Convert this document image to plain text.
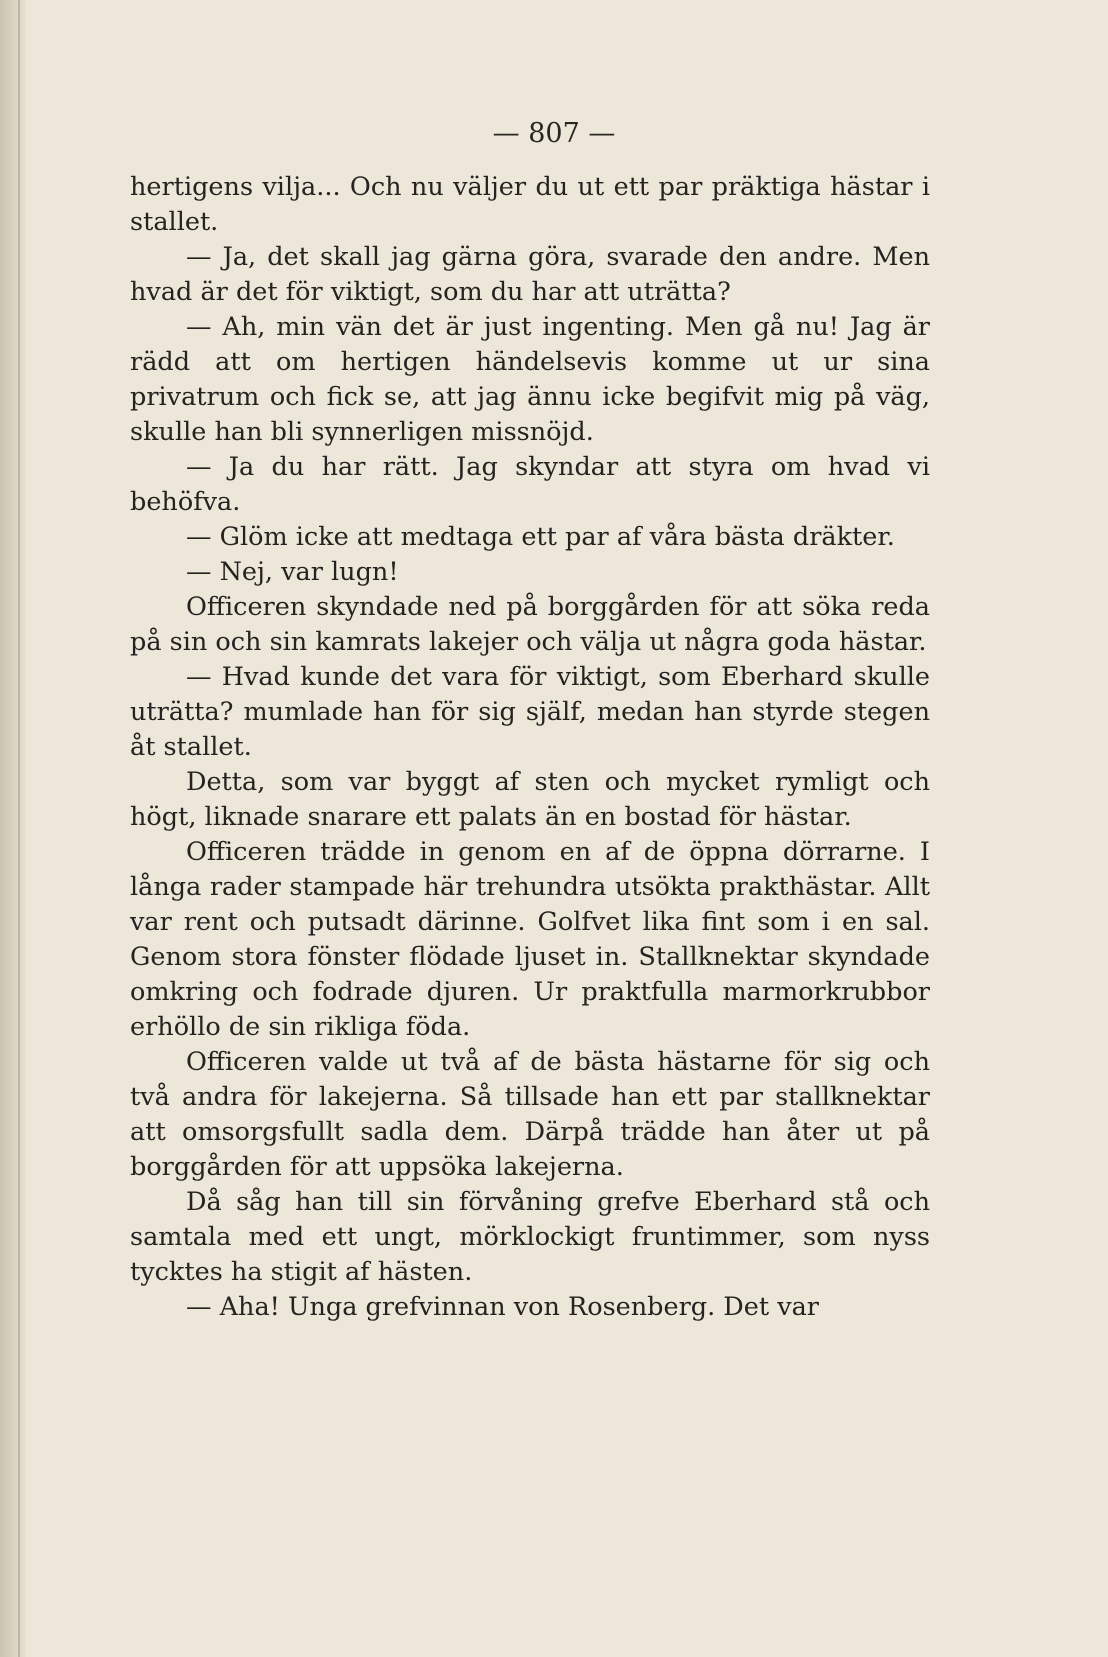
— 807 —

hertigens vilja... Och nu väljer du ut ett par präktiga hästar i stallet.

— Ja, det skall jag gärna göra, svarade den andre. Men hvad är det för viktigt, som du har att uträtta?

— Ah, min vän det är just ingenting. Men gå nu! Jag är rädd att om hertigen händelsevis komme ut ur sina privatrum och fick se, att jag ännu icke begifvit mig på väg, skulle han bli synnerligen missnöjd.

— Ja du har rätt. Jag skyndar att styra om hvad vi behöfva.

— Glöm icke att medtaga ett par af våra bästa dräkter.

— Nej, var lugn!

Officeren skyndade ned på borggården för att söka reda på sin och sin kamrats lakejer och välja ut några goda hästar.

— Hvad kunde det vara för viktigt, som Eberhard skulle uträtta? mumlade han för sig själf, medan han styrde stegen åt stallet.

Detta, som var byggt af sten och mycket rymligt och högt, liknade snarare ett palats än en bostad för hästar.

Officeren trädde in genom en af de öppna dörrarne. I långa rader stampade här trehundra utsökta prakthästar. Allt var rent och putsadt därinne. Golfvet lika fint som i en sal. Genom stora fönster flödade ljuset in. Stallknektar skyndade omkring och fodrade djuren. Ur praktfulla marmorkrubbor erhöllo de sin rikliga föda.

Officeren valde ut två af de bästa hästarne för sig och två andra för lakejerna. Så tillsade han ett par stallknektar att omsorgsfullt sadla dem. Därpå trädde han åter ut på borggården för att uppsöka lakejerna.

Då såg han till sin förvåning grefve Eberhard stå och samtala med ett ungt, mörklockigt fruntimmer, som nyss tycktes ha stigit af hästen.

— Aha! Unga grefvinnan von Rosenberg. Det var
